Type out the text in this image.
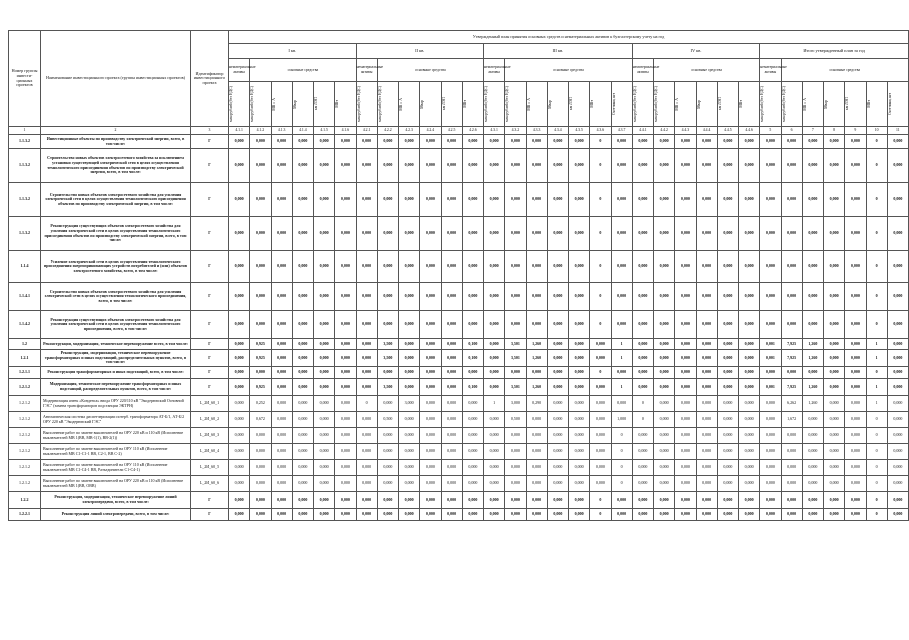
Номер группы инвести-ционных проектов	Наименование инвестиционного проекта (группы инвестиционных проектов)	Идентификатор инвестиционного проекта	Утвержденный план принятия основных средств и нематериальных активов к бухгалтерскому учету на год																															
			I кв.						II кв.						III кв.							IV кв.						Итого утвержденный план за год						
			нематериальные активы	основные средства					нематериальные активы	основные средства					нематериальные активы	основные средства						нематериальные активы	основные средства					нематериальные активы	основные средства					

			млн рублей (без НДС)	млн рублей (без НДС)	МВ×А	Мвар	км ЛЭП	МВт	млн рублей (без НДС)	млн рублей (без НДС)	МВ×А	Мвар	км ЛЭП	МВт	млн рублей (без НДС)	млн рублей (без НДС)	МВ×А	Мвар	км ЛЭП	МВт	Счетчики, шт	млн рублей (без НДС)	млн рублей (без НДС)	МВ×А	Мвар	км ЛЭП	МВт	млн рублей (без НДС)	млн рублей (без НДС)	МВ×А	Мвар	км ЛЭП	МВт	Счетчики, шт

1	2	3	4.1.1	4.1.2	4.1.3	4.1.4	4.1.5	4.1.6	4.2.1	4.2.2	4.2.3	4.2.4	4.2.5	4.2.6	4.3.1	4.3.2	4.3.3	4.3.4	4.3.5	4.3.6	4.3.7	4.4.1	4.4.2	4.4.3	4.4.4	4.4.5	4.4.6	5	6	7	8	9	10	11
1.1.3.2	Инвестиционные объекты по производству электрической энергии, всего, в том числе:	Г	0,000	0,000	0,000	0,000	0,000	0,000	0,000	0,000	0,000	0,000	0,000	0,000	0,000	0,000	0,000	0,000	0,000	0	0,000	0,000	0,000	0,000	0,000	0,000	0,000	0,000	0,000	0,000	0,000	0,000	0	0,000
1.1.3.2	Строительство новых объектов электросетевого хозяйства за исключением установки существующей электрической сети в целях осуществления технологического присоединения объектов по производству электрической энергии, всего, в том числе:	Г	0,000	0,000	0,000	0,000	0,000	0,000	0,000	0,000	0,000	0,000	0,000	0,000	0,000	0,000	0,000	0,000	0,000	0	0,000	0,000	0,000	0,000	0,000	0,000	0,000	0,000	0,000	0,000	0,000	0,000	0	0,000
1.1.3.2	Строительство новых объектов электросетевого хозяйства для усиления электрической сети в целях осуществления технологического присоединения объектов по производству электрической энергии, в том числе:	Г	0,000	0,000	0,000	0,000	0,000	0,000	0,000	0,000	0,000	0,000	0,000	0,000	0,000	0,000	0,000	0,000	0,000	0	0,000	0,000	0,000	0,000	0,000	0,000	0,000	0,000	0,000	0,000	0,000	0,000	0	0,000
1.1.3.2	Реконструкция существующих объектов электросетевого хозяйства для усиления электрической сети в целях осуществления технологического присоединения объектов по производству электрической энергии, всего, в том числе:	Г	0,000	0,000	0,000	0,000	0,000	0,000	0,000	0,000	0,000	0,000	0,000	0,000	0,000	0,000	0,000	0,000	0,000	0	0,000	0,000	0,000	0,000	0,000	0,000	0,000	0,000	0,000	0,000	0,000	0,000	0	0,000
1.1.4	Усиление электрической сети в целях осуществления технологического присоединения энергопринимающих устройств потребителей и (или) объектов электросетевого хозяйства, всего, в том числе:	Г	0,000	0,000	0,000	0,000	0,000	0,000	0,000	0,000	0,000	0,000	0,000	0,000	0,000	0,000	0,000	0,000	0,000	0	0,000	0,000	0,000	0,000	0,000	0,000	0,000	0,000	0,000	0,000	0,000	0,000	0	0,000
1.1.4.1	Строительство новых объектов электросетевого хозяйства для усиления электрической сети в целях осуществления технологического присоединения, всего, в том числе:	Г	0,000	0,000	0,000	0,000	0,000	0,000	0,000	0,000	0,000	0,000	0,000	0,000	0,000	0,000	0,000	0,000	0,000	0	0,000	0,000	0,000	0,000	0,000	0,000	0,000	0,000	0,000	0,000	0,000	0,000	0	0,000
1.1.4.2	Реконструкция существующих объектов электросетевого хозяйства для усиления электрической сети в целях осуществления технологического присоединения, всего, в том числе:	Г	0,000	0,000	0,000	0,000	0,000	0,000	0,000	0,000	0,000	0,000	0,000	0,000	0,000	0,000	0,000	0,000	0,000	0	0,000	0,000	0,000	0,000	0,000	0,000	0,000	0,000	0,000	0,000	0,000	0,000	0	0,000
1.2	Реконструкция, модернизация, техническое перевооружение всего, в том числе:	Г	0,000	0,925	0,000	0,000	0,000	0,000	0,000	3,500	0,000	0,000	0,000	0,100	0,000	3,501	1,260	0,000	0,000	0,000	1	0,000	0,000	0,000	0,000	0,000	0,000	0,001	7,925	1,260	0,000	0,000	1	0,000
1.2.1	Реконструкция, модернизация, техническое перевооружение трансформаторных и иных подстанций, распределительных пунктов, всего, в том числе:	Г	0,000	0,925	0,000	0,000	0,000	0,000	0,000	3,500	0,000	0,000	0,000	0,100	0,000	3,501	1,260	0,000	0,000	0,000	1	0,000	0,000	0,000	0,000	0,000	0,000	0,001	7,925	1,260	0,000	0,000	1	0,000
1.2.1.1	Реконструкция трансформаторных и иных подстанций, всего, в том числе:	Г	0,000	0,000	0,000	0,000	0,000	0,000	0,000	0,000	0,000	0,000	0,000	0,000	0,000	0,000	0,000	0,000	0,000	0	0,000	0,000	0,000	0,000	0,000	0,000	0,000	0,000	0,000	0,000	0,000	0,000	0	0,000
1.2.1.2	Модернизация, техническое перевооружение трансформаторных и иных подстанций, распределительных пунктов, всего, в том числе:	Г	0,000	0,925	0,000	0,000	0,000	0,000	0,000	3,500	0,000	0,000	0,000	0,100	0,000	3,501	1,260	0,000	0,000	0,000	1	0,000	0,000	0,000	0,000	0,000	0,000	0,001	7,925	1,260	0,000	0,000	1	0,000
1.2.1.2	Модернизация ячеек «Конденса» ввода ОРУ 220/110 кВ "Экодерювский Основной ГЭС" (замена трансформаторов подстанции ЭКТРН)	L_2И_60_1	0,000	0,252	0,000	0,000	0,000	0,000	0	0,000	3,000	0,000	0,000	0,000	1	3,000	0,290	0,000	0,000	0,000	0,000	0	0,000	0,000	0,000	0,000	0,000	0,000	6,262	1,260	0,000	0,000	1	0,000
1.2.1.2	Автоматическая система диспетчеризации потерб. трансформатора АТ-Б/1, АТ-Б/2 ОРУ 220 кВ "Экодерювский ГЭС"	L_2И_60_2	0,000	0,672	0,000	0,000	0,000	0,000	0,000	0,500	0,000	0,000	0,000	0,000	0,000	0,500	0,000	0,000	0,000	0,000	1,000	0	0,000	0,000	0,000	0,000	0,000	0,000	1,672	0,000	0,000	0,000	0	0,000
1.2.1.2	Выполнение работ по замене выключателей на ОРУ 220 кВ и 110 кВ (Исполнение выключателей МВ 1(ВВ, МВ-1(1), ВВ-2(1))	L_2И_60_3	0,000	0,000	0,000	0,000	0,000	0,000	0,000	0,000	0,000	0,000	0,000	0,000	0,000	0,000	0,000	0,000	0,000	0,000	0	0,000	0,000	0,000	0,000	0,000	0,000	0,000	0,000	0,000	0,000	0,000	0	0,000
1.2.1.2	Выполнение работ по замене выключателей на ОРУ 110 кВ (Исполнение выключателей МВ С1-С1-1 ВВ, С2-1, ВВ С-2)	L_2И_60_4	0,000	0,000	0,000	0,000	0,000	0,000	0,000	0,000	0,000	0,000	0,000	0,000	0,000	0,000	0,000	0,000	0,000	0,000	0	0,000	0,000	0,000	0,000	0,000	0,000	0,000	0,000	0,000	0,000	0,000	0	0,000
1.2.1.2	Выполнение работ по замене выключателей на ОРУ 110 кВ (Исполнение выключателей МВ С1-С4-1 ВВ, Разъединители С1-С4-1)	L_2И_60_5	0,000	0,000	0,000	0,000	0,000	0,000	0,000	0,000	0,000	0,000	0,000	0,000	0,000	0,000	0,000	0,000	0,000	0,000	0	0,000	0,000	0,000	0,000	0,000	0,000	0,000	0,000	0,000	0,000	0,000	0	0,000
1.2.1.2	Выполнение работ по замене выключателей на ОРУ 220 кВ и 110 кВ (Исполнение выключателей МВ 1(ВВ, ОВВ)	L_2И_60_6	0,000	0,000	0,000	0,000	0,000	0,000	0,000	0,000	0,000	0,000	0,000	0,000	0,000	0,000	0,000	0,000	0,000	0,000	0	0,000	0,000	0,000	0,000	0,000	0,000	0,000	0,000	0,000	0,000	0,000	0	0,000
1.2.2	Реконструкция, модернизация, техническое перевооружение линий электропередачи, всего, в том числе:	Г	0,000	0,000	0,000	0,000	0,000	0,000	0,000	0,000	0,000	0,000	0,000	0,000	0,000	0,000	0,000	0,000	0,000	0	0,000	0,000	0,000	0,000	0,000	0,000	0,000	0,000	0,000	0,000	0,000	0,000	0	0,000
1.2.2.1	Реконструкция линий электропередачи, всего, в том числе:	Г	0,000	0,000	0,000	0,000	0,000	0,000	0,000	0,000	0,000	0,000	0,000	0,000	0,000	0,000	0,000	0,000	0,000	0	0,000	0,000	0,000	0,000	0,000	0,000	0,000	0,000	0,000	0,000	0,000	0,000	0	0,000
